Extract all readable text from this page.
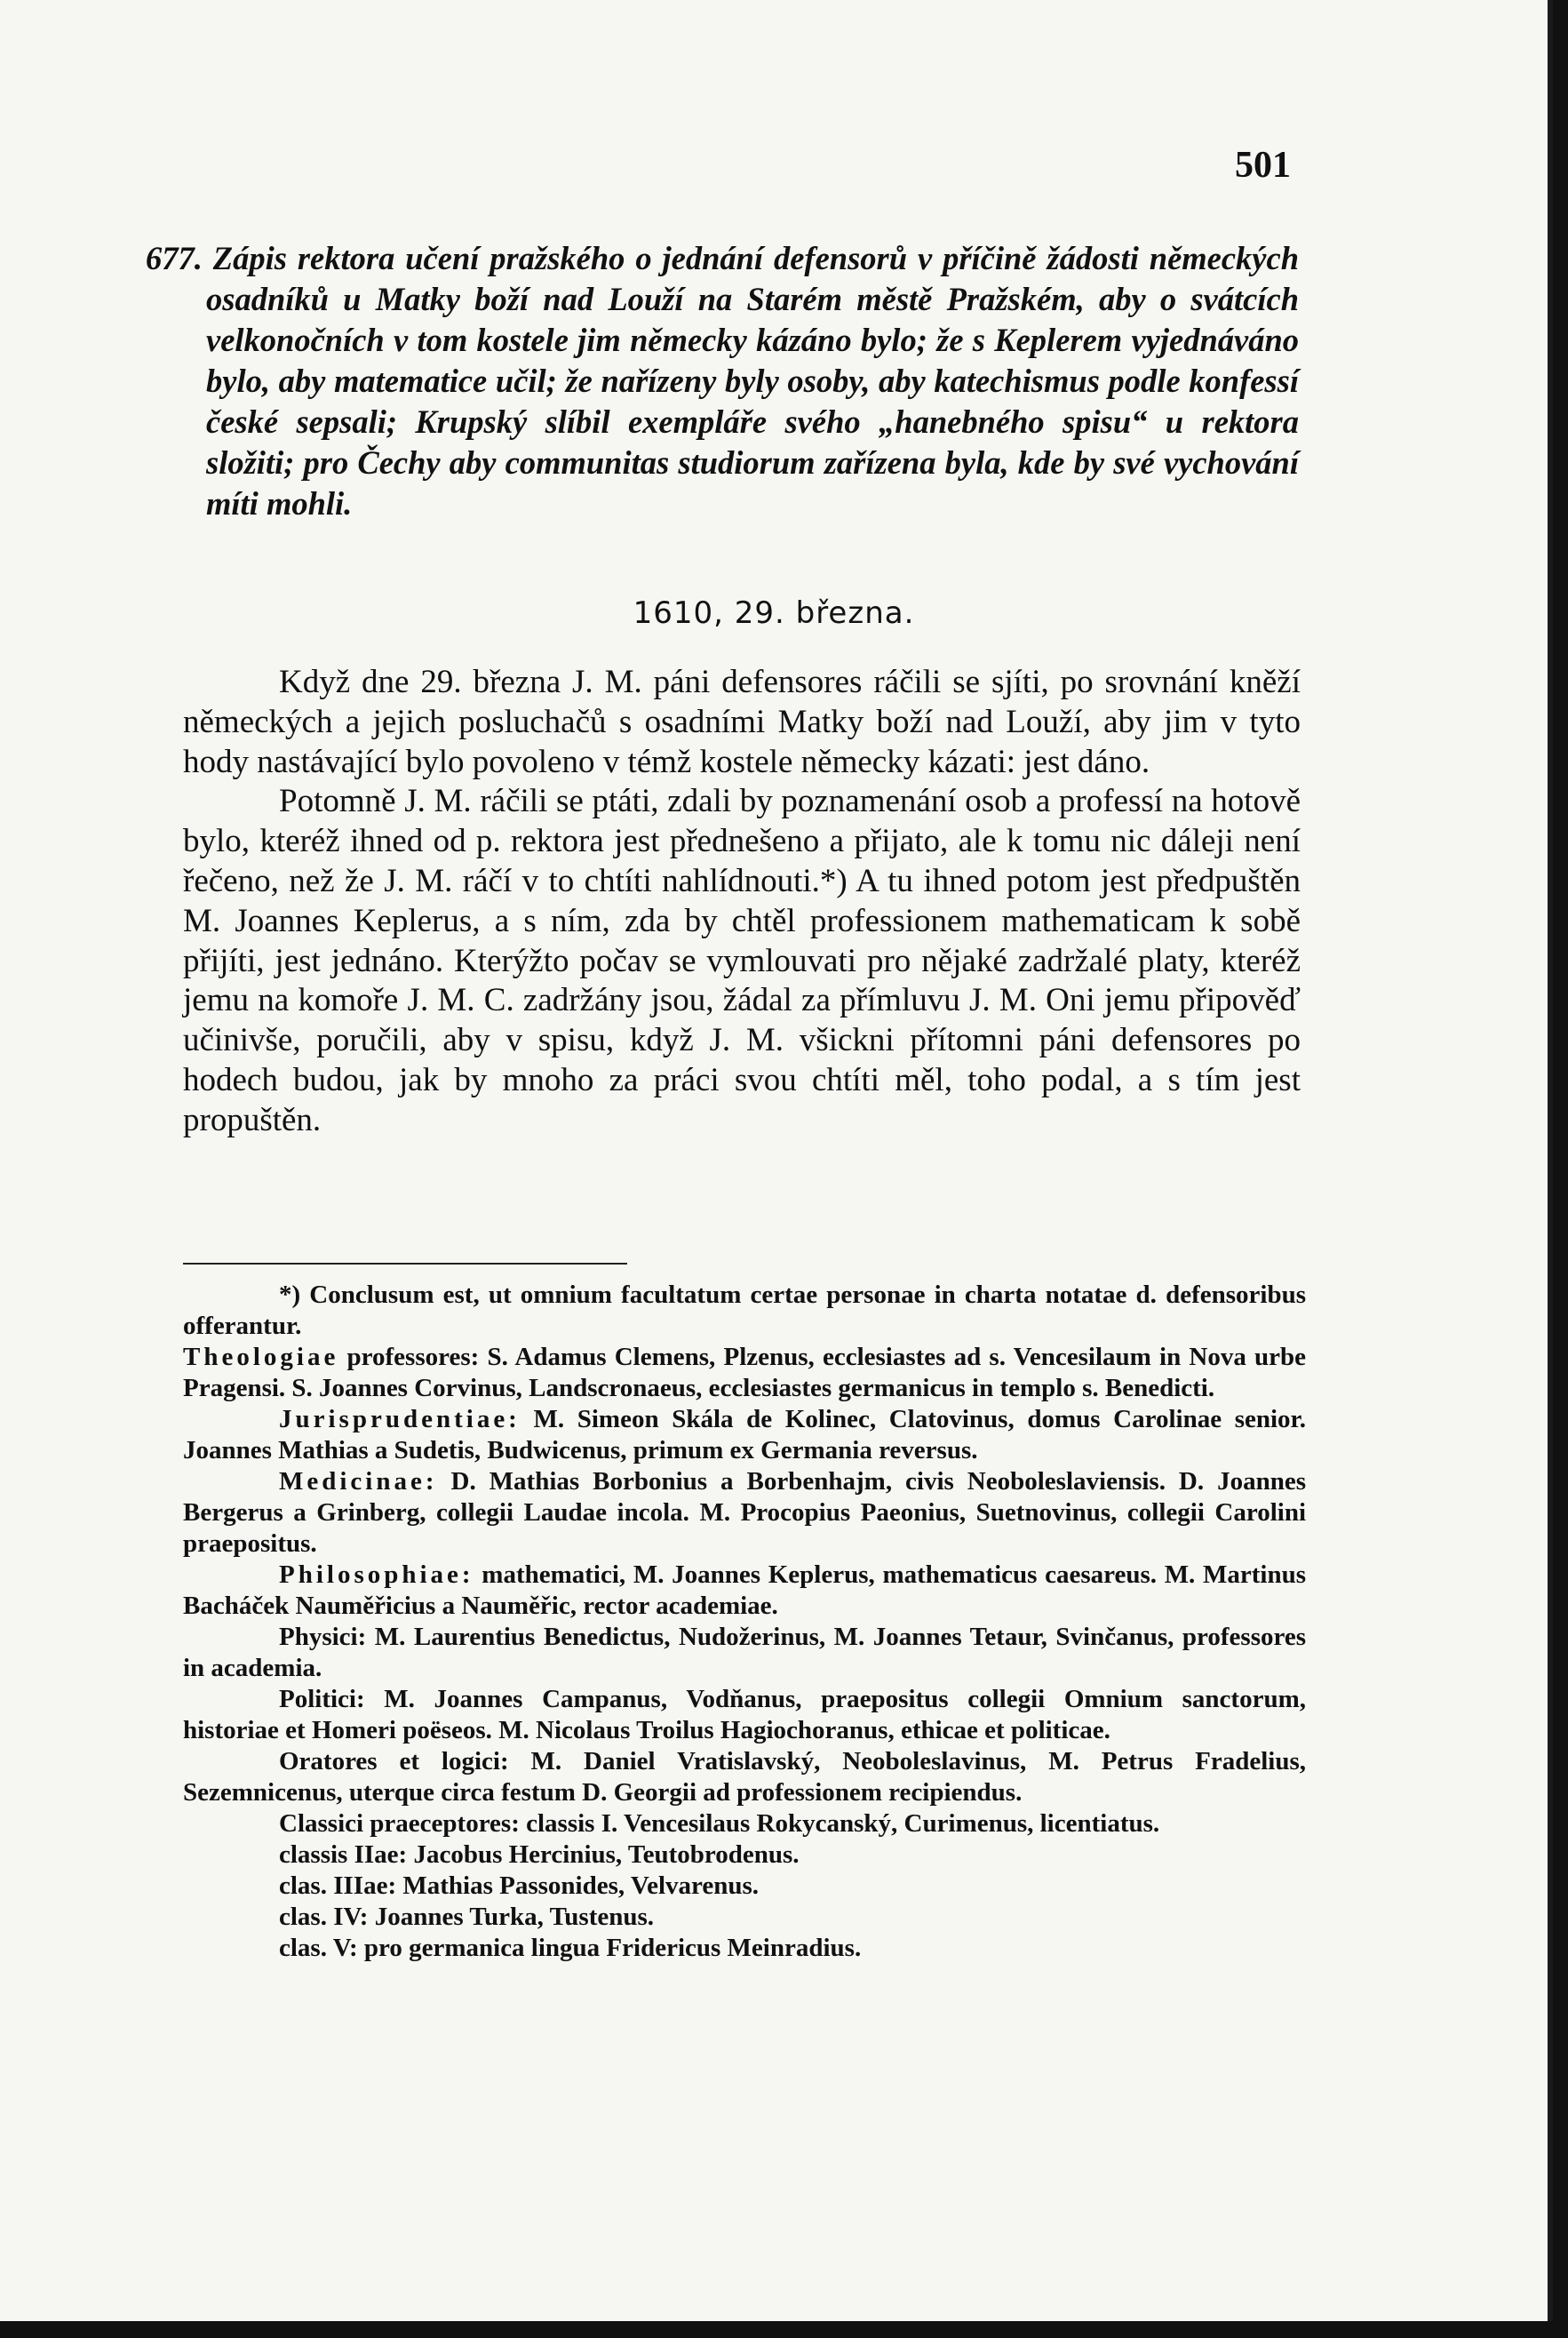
501
677. Zápis rektora učení pražského o jednání defensorů v příčině žádosti německých osadníků u Matky boží nad Louží na Starém městě Pražském, aby o svátcích velkonočních v tom kostele jim německy kázáno bylo; že s Keplerem vyjednáváno bylo, aby matematice učil; že nařízeny byly osoby, aby katechismus podle konfessí české sepsali; Krupský slíbil exempláře svého „hanebného spisu“ u rektora složiti; pro Čechy aby communitas studiorum zařízena byla, kde by své vychování míti mohli.
1610, 29. března.

Když dne 29. března J. M. páni defensores ráčili se sjíti, po srovnání kněží německých a jejich posluchačů s osadními Matky boží nad Louží, aby jim v tyto hody nastávající bylo povoleno v témž kostele německy kázati: jest dáno.

Potomně J. M. ráčili se ptáti, zdali by poznamenání osob a professí na hotově bylo, kteréž ihned od p. rektora jest přednešeno a přijato, ale k tomu nic dáleji není řečeno, než že J. M. ráčí v to chtíti nahlídnouti.*) A tu ihned potom jest předpuštěn M. Joannes Keplerus, a s ním, zda by chtěl professionem mathematicam k sobě přijíti, jest jednáno. Kterýžto počav se vymlouvati pro nějaké zadržalé platy, kteréž jemu na komoře J. M. C. zadržány jsou, žádal za přímluvu J. M. Oni jemu připověď učinivše, poručili, aby v spisu, když J. M. všickni přítomni páni defensores po hodech budou, jak by mnoho za práci svou chtíti měl, toho podal, a s tím jest propuštěn.

*) Conclusum est, ut omnium facultatum certae personae in charta notatae d. defensoribus offerantur.

Theologiae professores: S. Adamus Clemens, Plzenus, ecclesiastes ad s. Vencesilaum in Nova urbe Pragensi. S. Joannes Corvinus, Landscronaeus, ecclesiastes germanicus in templo s. Benedicti.

Jurisprudentiae: M. Simeon Skála de Kolinec, Clatovinus, domus Carolinae senior. Joannes Mathias a Sudetis, Budwicenus, primum ex Germania reversus.

Medicinae: D. Mathias Borbonius a Borbenhajm, civis Neoboleslaviensis. D. Joannes Bergerus a Grinberg, collegii Laudae incola. M. Procopius Paeonius, Suetnovinus, collegii Carolini praepositus.

Philosophiae: mathematici, M. Joannes Keplerus, mathematicus caesareus. M. Martinus Bacháček Nauměřicius a Nauměřic, rector academiae.

Physici: M. Laurentius Benedictus, Nudožerinus, M. Joannes Tetaur, Svinčanus, professores in academia.

Politici: M. Joannes Campanus, Vodňanus, praepositus collegii Omnium sanctorum, historiae et Homeri poëseos. M. Nicolaus Troilus Hagiochoranus, ethicae et politicae.

Oratores et logici: M. Daniel Vratislavský, Neoboleslavinus, M. Petrus Fradelius, Sezemnicenus, uterque circa festum D. Georgii ad professionem recipiendus.

Classici praeceptores: classis I. Vencesilaus Rokycanský, Curimenus, licentiatus.

classis IIae: Jacobus Hercinius, Teutobrodenus.

clas. IIIae: Mathias Passonides, Velvarenus.

clas. IV: Joannes Turka, Tustenus.

clas. V: pro germanica lingua Fridericus Meinradius.
